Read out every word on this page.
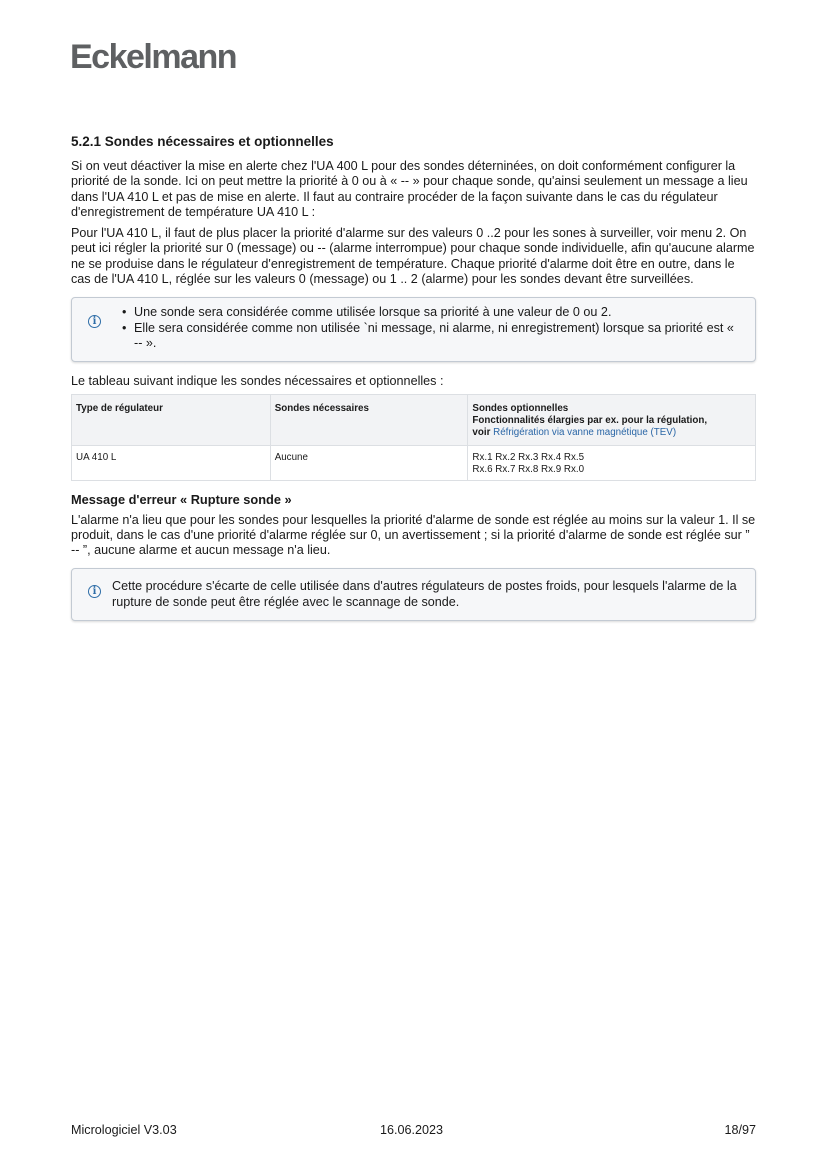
Eckelmann
5.2.1 Sondes nécessaires et optionnelles

Si on veut déactiver la mise en alerte chez l'UA 400 L pour des sondes déterninées, on doit conformément configurer la priorité de la sonde. Ici on peut mettre la priorité à 0 ou à « -- » pour chaque sonde, qu'ainsi seulement un message a lieu dans l'UA 410 L et pas de mise en alerte. Il faut au contraire procéder de la façon suivante dans le cas du régulateur d'enregistrement de température UA 410 L :

Pour l'UA 410 L, il faut de plus placer la priorité d'alarme sur des valeurs 0 ..2 pour les sones à surveiller, voir menu 2. On peut ici régler la priorité sur 0 (message) ou -- (alarme interrompue) pour chaque sonde individuelle, afin qu'aucune alarme ne se produise dans le régulateur d'enregistrement de température. Chaque priorité d'alarme doit être en outre, dans le cas de l'UA 410 L, réglée sur les valeurs 0 (message) ou 1 .. 2 (alarme) pour les sondes devant être surveillées.

i
• Une sonde sera considérée comme utilisée lorsque sa priorité à une valeur de 0 ou 2.
• Elle sera considérée comme non utilisée `ni message, ni alarme, ni enregistrement) lorsque sa priorité est « -- ».

Le tableau suivant indique les sondes nécessaires et optionnelles :

Type de régulateur	Sondes nécessaires	Sondes optionnelles
Fonctionnalités élargies par ex. pour la régulation,
voir Réfrigération via vanne magnétique (TEV)

UA 410 L	Aucune	Rx.1 Rx.2 Rx.3 Rx.4 Rx.5
Rx.6 Rx.7 Rx.8 Rx.9 Rx.0
Message d'erreur « Rupture sonde »

L'alarme n'a lieu que pour les sondes pour lesquelles la priorité d'alarme de sonde est réglée au moins sur la valeur 1. Il se produit, dans le cas d'une priorité d'alarme réglée sur 0, un avertissement ; si la priorité d'alarme de sonde est réglée sur ” -- ”, aucune alarme et aucun message n'a lieu.

i	Cette procédure s'écarte de celle utilisée dans d'autres régulateurs de postes froids, pour lesquels l'alarme de la rupture de sonde peut être réglée avec le scannage de sonde.

Micrologiciel V3.03	16.06.2023	18/97
